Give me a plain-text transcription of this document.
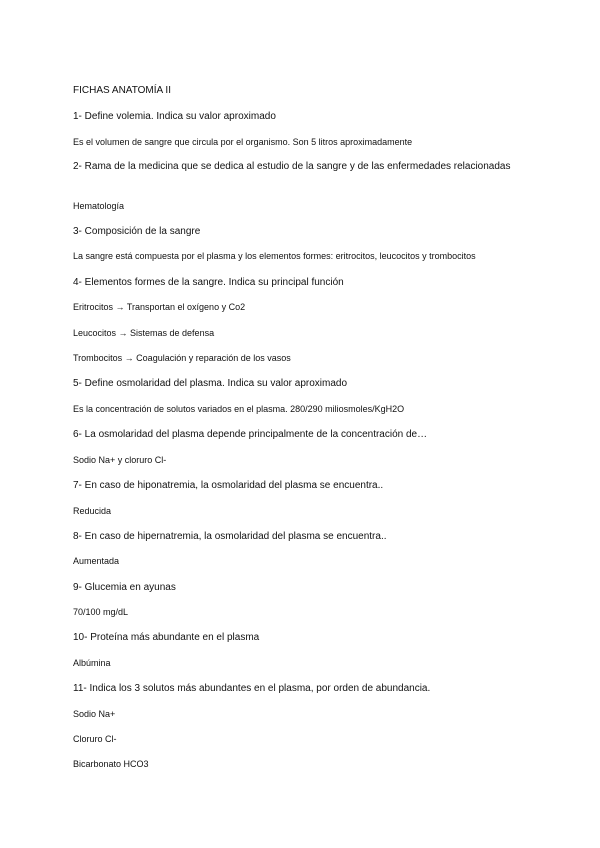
FICHAS ANATOMÍA II

1- Define volemia. Indica su valor aproximado

Es el volumen de sangre que circula por el organismo. Son 5 litros aproximadamente

2- Rama de la medicina que se dedica al estudio de la sangre y de las enfermedades relacionadas

Hematología

3- Composición de la sangre

La sangre está compuesta por el plasma y los elementos formes: eritrocitos, leucocitos y trombocitos

4- Elementos formes de la sangre. Indica su principal función

Eritrocitos → Transportan el oxígeno y Co2

Leucocitos → Sistemas de defensa

Trombocitos → Coagulación y reparación de los vasos

5- Define osmolaridad del plasma. Indica su valor aproximado

Es la concentración de solutos variados en el plasma. 280/290 miliosmoles/KgH2O

6- La osmolaridad del plasma depende principalmente de la concentración de…

Sodio Na+ y cloruro Cl-

7- En caso de hiponatremia, la osmolaridad del plasma se encuentra..

Reducida

8- En caso de hipernatremia, la osmolaridad del plasma se encuentra..

Aumentada

9- Glucemia en ayunas

70/100 mg/dL

10- Proteína más abundante en el plasma

Albúmina

11- Indica los 3 solutos más abundantes en el plasma, por orden de abundancia.

Sodio Na+

Cloruro Cl-

Bicarbonato HCO3
